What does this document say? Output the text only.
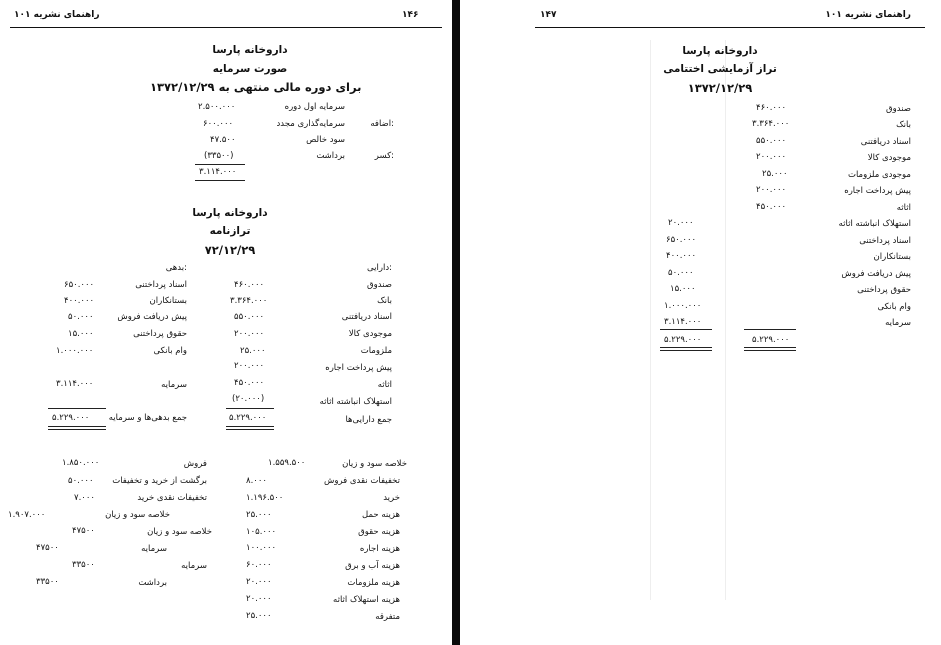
راهنمای نشریه ۱۰۱	۱۴۶
داروخانه پارسا
صورت سرمایه
برای دوره مالی منتهی به ۱۳۷۲/۱۲/۲۹
سرمایه اول دوره
۲.۵۰۰.۰۰۰
اضافه:
سرمایه‌گذاری مجدد
۶۰۰.۰۰۰
سود خالص
۴۷.۵۰۰
کسر:
برداشت
(۳۳۵۰۰)
۳.۱۱۴.۰۰۰
داروخانه پارسا
ترازنامه
۷۲/۱۲/۲۹
دارایی:
بدهی:
صندوق
۴۶۰.۰۰۰
بانک
۳.۳۶۴.۰۰۰
اسناد دریافتنی
۵۵۰.۰۰۰
موجودی کالا
۲۰۰.۰۰۰
ملزومات
۲۵.۰۰۰
پیش پرداخت اجاره
۲۰۰.۰۰۰
اثاثه
۴۵۰.۰۰۰
استهلاک انباشته اثاثه
(۲۰.۰۰۰)
جمع دارایی‌ها
۵.۲۲۹.۰۰۰
اسناد پرداختنی
۶۵۰.۰۰۰
بستانکاران
۴۰۰.۰۰۰
پیش دریافت فروش
۵۰.۰۰۰
حقوق پرداختنی
۱۵.۰۰۰
وام بانکی
۱.۰۰۰.۰۰۰
سرمایه
۳.۱۱۴.۰۰۰
جمع بدهی‌ها و سرمایه
۵.۲۲۹.۰۰۰
خلاصه سود و زیان
۱.۵۵۹.۵۰۰
تخفیفات نقدی فروش
۸.۰۰۰
خرید
۱.۱۹۶.۵۰۰
هزینه حمل
۲۵.۰۰۰
هزینه حقوق
۱۰۵.۰۰۰
هزینه اجاره
۱۰۰.۰۰۰
هزینه آب و برق
۶۰.۰۰۰
هزینه ملزومات
۲۰.۰۰۰
هزینه استهلاک اثاثه
۲۰.۰۰۰
متفرقه
۲۵.۰۰۰
فروش
۱.۸۵۰.۰۰۰
برگشت از خرید و تخفیفات
۵۰.۰۰۰
تخفیفات نقدی خرید
۷.۰۰۰
خلاصه سود و زیان
۱.۹۰۷.۰۰۰
خلاصه سود و زیان
۴۷۵۰۰
سرمایه
۴۷۵۰۰
سرمایه
۳۳۵۰۰
برداشت
۳۳۵۰۰
راهنمای نشریه ۱۰۱
۱۴۷
داروخانه پارسا
تراز آزمایشی اختتامی
۱۳۷۲/۱۲/۲۹
صندوق
۴۶۰.۰۰۰
بانک
۳.۳۶۴.۰۰۰
اسناد دریافتنی
۵۵۰.۰۰۰
موجودی کالا
۲۰۰.۰۰۰
موجودی ملزومات
۲۵.۰۰۰
پیش پرداخت اجاره
۲۰۰.۰۰۰
اثاثه
۴۵۰.۰۰۰
استهلاک انباشته اثاثه
۲۰.۰۰۰
اسناد پرداختنی
۶۵۰.۰۰۰
بستانکاران
۴۰۰.۰۰۰
پیش دریافت فروش
۵۰.۰۰۰
حقوق پرداختنی
۱۵.۰۰۰
وام بانکی
۱.۰۰۰.۰۰۰
سرمایه
۳.۱۱۴.۰۰۰
۵.۲۲۹.۰۰۰	۵.۲۲۹.۰۰۰
